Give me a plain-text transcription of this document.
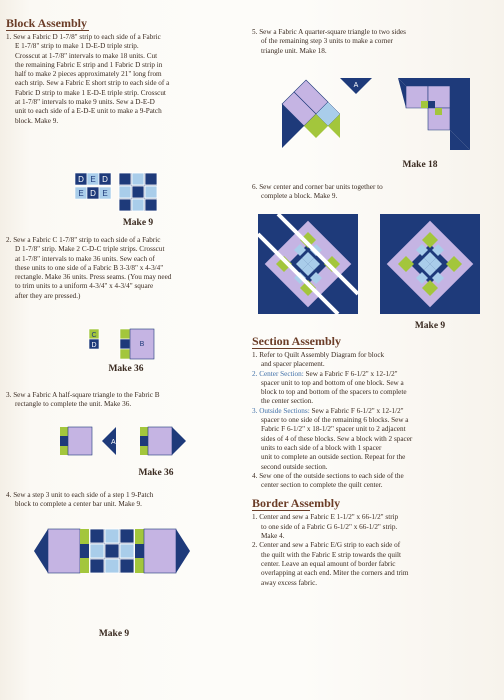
Block Assembly
1. Sew a Fabric D 1-7/8" strip to each side of a Fabric
E 1-7/8" strip to make 1 D-E-D triple strip.
Crosscut at 1-7/8" intervals to make 18 units. Cut
the remaining Fabric E strip and 1 Fabric D strip in
half to make 2 pieces approximately 21" long from
each strip. Sew a Fabric E short strip to each side of a
Fabric D strip to make 1 E-D-E triple strip. Crosscut
at 1-7/8" intervals to make 9 units. Sew a D-E-D
unit to each side of a E-D-E unit to make a 9-Patch
block. Make 9.
D E D
E D E
Make 9
2. Sew a Fabric C 1-7/8" strip to each side of a Fabric
D 1-7/8" strip. Make 2 C-D-C triple strips. Crosscut
at 1-7/8" intervals to make 36 units. Sew each of
these units to one side of a Fabric B 3-3/8" x 4-3/4"
rectangle. Make 36 units. Press seams. (You may need
to trim units to a uniform 4-3/4" x 4-3/4" square
after they are pressed.)
C
D	B
Make 36
3. Sew a Fabric A half-square triangle to the Fabric B
rectangle to complete the unit. Make 36.
A
Make 36
4. Sew a step 3 unit to each side of a step 1 9-Patch
block to complete a center bar unit. Make 9.
Make 9
5. Sew a Fabric A quarter-square triangle to two sides
of the remaining step 3 units to make a corner
triangle unit. Make 18.
A
Make 18
6. Sew center and corner bar units together to
complete a block. Make 9.
Make 9
Section Assembly
1. Refer to Quilt Assembly Diagram for block
and spacer placement.
2. Center Section: Sew a Fabric F 6-1/2" x 12-1/2"
spacer unit to top and bottom of one block. Sew a
block to top and bottom of the spacers to complete
the center section.
3. Outside Sections: Sew a Fabric F 6-1/2" x 12-1/2"
spacer to one side of the remaining 6 blocks. Sew a
Fabric F 6-1/2" x 18-1/2" spacer unit to 2 adjacent
sides of 4 of these blocks. Sew a block with 2 spacer
units to each side of a block with 1 spacer
unit to complete an outside section. Repeat for the
second outside section.
4. Sew one of the outside sections to each side of the
center section to complete the quilt center.
Border Assembly
1. Center and sew a Fabric E 1-1/2" x 66-1/2" strip
to one side of a Fabric G 6-1/2" x 66-1/2" strip.
Make 4.
2. Center and sew a Fabric E/G strip to each side of
the quilt with the Fabric E strip towards the quilt
center. Leave an equal amount of border fabric
overlapping at each end. Miter the corners and trim
away excess fabric.
